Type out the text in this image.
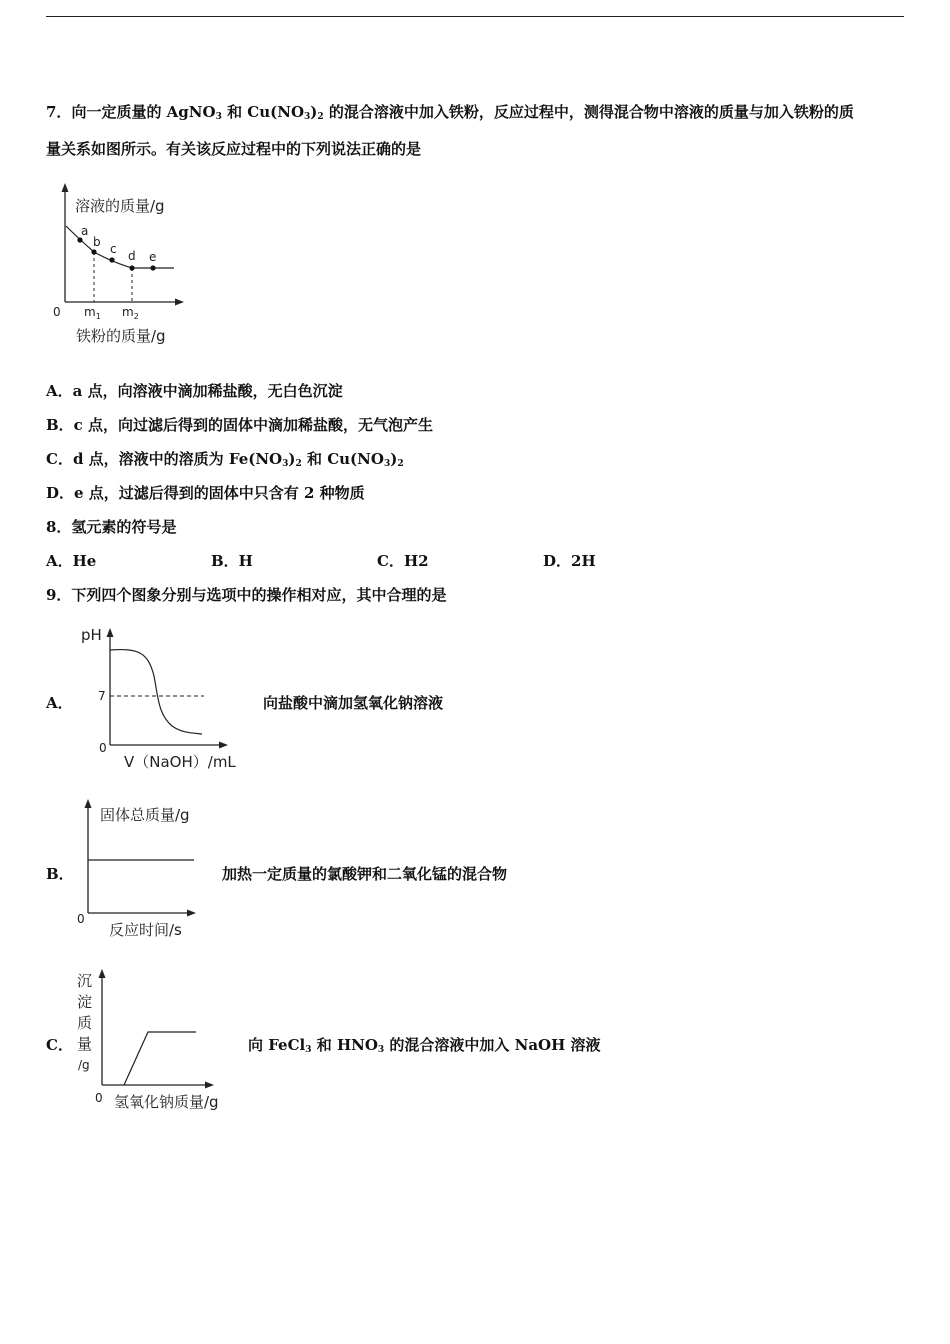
7．向一定质量的 AgNO$_3$ 和 $Cu(NO_3)_2$ 的混合溶液中加入铁粉，反应过程中，测得混合物中溶液的质量与加入铁粉的质
量关系如图所示。有关该反应过程中的下列说法正确的是
a
b c d e
溶液的质量/g
0 $m_1$ $m_2$
铁粉的质量/g
A．a 点，向溶液中滴加稀盐酸，无白色沉淀
B．c 点，向过滤后得到的固体中滴加稀盐酸，无气泡产生
C．d 点，溶液中的溶质为 $Fe(NO_3)_2$ 和 $Cu(NO_3)_2$
D．e 点，过滤后得到的固体中只含有 2 种物质
8．氢元素的符号是
A．He	B．H	C．H2	D．2H
9．下列四个图象分别与选项中的操作相对应，其中合理的是
A．
pH
7
0
V（NaOH）/mL
向盐酸中滴加氢氧化钠溶液
B．
固体总质量/g
0
反应时间/s
加热一定质量的氯酸钾和二氧化锰的混合物
C．
沉
淀
质
量
/g
0 氢氧化钠质量/g
向 FeCl$_3$ 和 $HNO_3$ 的混合溶液中加入 NaOH 溶液
